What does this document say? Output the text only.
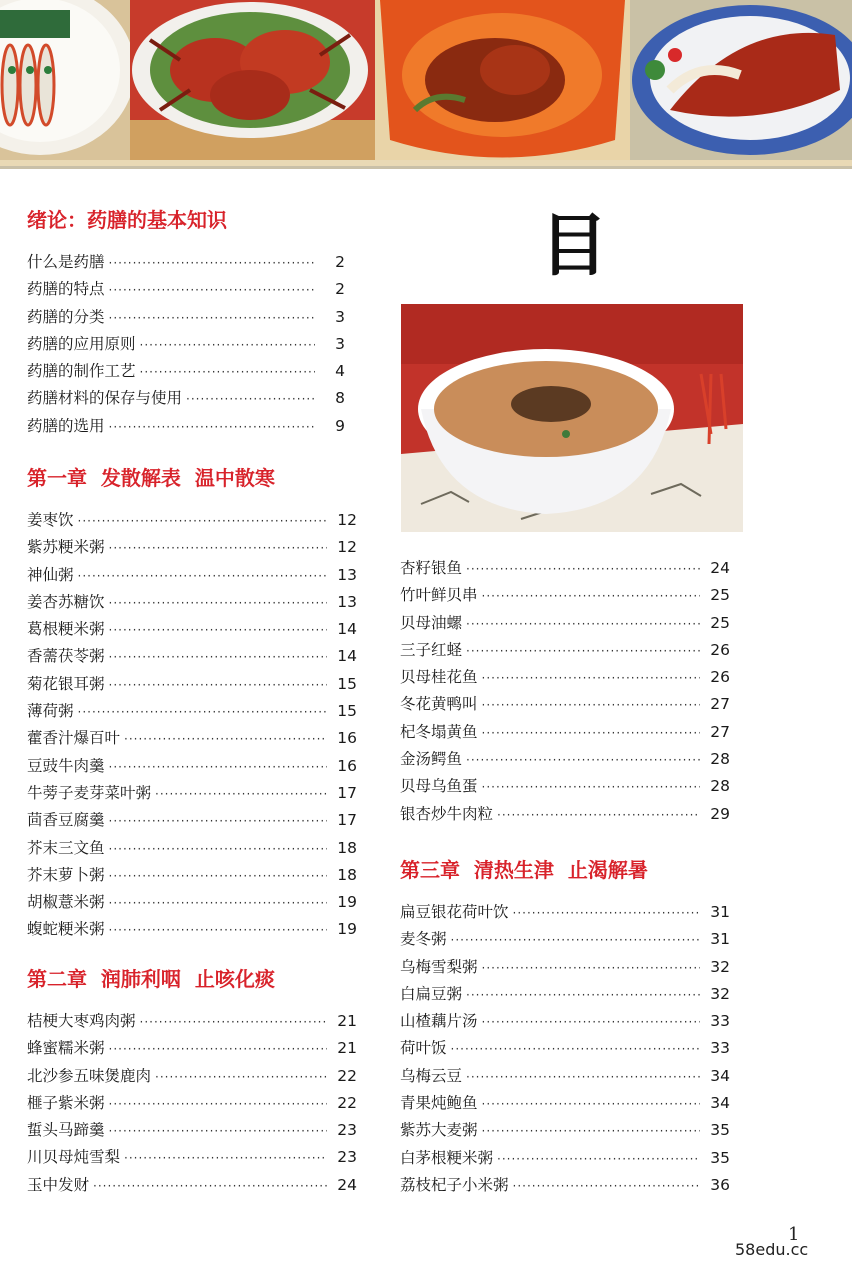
目
绪论：药膳的基本知识
什么是药膳 ·····	2
药膳的特点 ·····	2
药膳的分类 ·····	3
药膳的应用原则 ·····	3
药膳的制作工艺 ·····	4
药膳材料的保存与使用 ·····	8
药膳的选用 ·····	9
第一章  发散解表  温中散寒
姜枣饮 ·····	12
紫苏粳米粥 ·····	12
神仙粥 ·····	13
姜杏苏糖饮 ·····	13
葛根粳米粥 ·····	14
香薷茯苓粥 ·····	14
菊花银耳粥 ·····	15
薄荷粥 ·····	15
藿香汁爆百叶 ·····	16
豆豉牛肉羹 ·····	16
牛蒡子麦芽菜叶粥 ·····	17
茴香豆腐羹 ·····	17
芥末三文鱼 ·····	18
芥末萝卜粥 ·····	18
胡椒薏米粥 ·····	19
蝮蛇粳米粥 ·····	19
第二章  润肺利咽  止咳化痰
桔梗大枣鸡肉粥 ·····	21
蜂蜜糯米粥 ·····	21
北沙参五味煲鹿肉 ·····	22
榧子紫米粥 ·····	22
蜇头马蹄羹 ·····	23
川贝母炖雪梨 ·····	23
玉中发财 ·····	24
杏籽银鱼 ·····	24
竹叶鲜贝串 ·····	25
贝母油螺 ·····	25
三子红蛏 ·····	26
贝母桂花鱼 ·····	26
冬花黄鸭叫 ·····	27
杞冬塌黄鱼 ·····	27
金汤鳄鱼 ·····	28
贝母乌鱼蛋 ·····	28
银杏炒牛肉粒 ·····	29
第三章  清热生津  止渴解暑
扁豆银花荷叶饮 ·····	31
麦冬粥 ·····	31
乌梅雪梨粥 ·····	32
白扁豆粥 ·····	32
山楂藕片汤 ·····	33
荷叶饭 ·····	33
乌梅云豆 ·····	34
青果炖鲍鱼 ·····	34
紫苏大麦粥 ·····	35
白茅根粳米粥 ·····	35
荔枝杞子小米粥 ·····	36
1
58edu.cc
